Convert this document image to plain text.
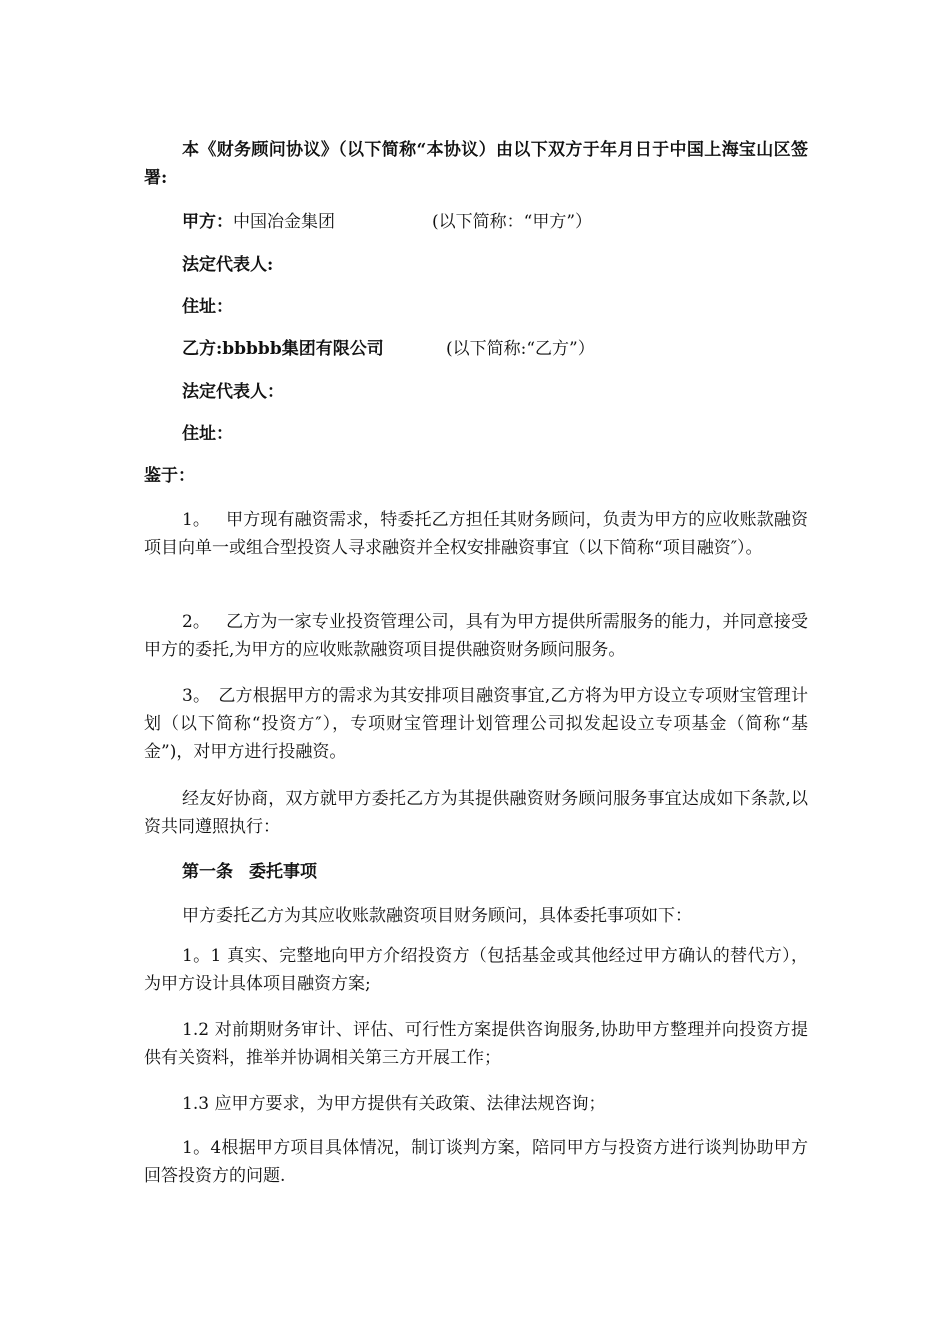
本《财务顾问协议》（以下简称“本协议）由以下双方于年月日于中国上海宝山区签署:

甲方：中国冶金集团	(以下简称：“甲方”）

法定代表人:

住址：

乙方:bbbbb集团有限公司	(以下简称:“乙方”）

法定代表人：

住址：

鉴于：

1。 甲方现有融资需求，特委托乙方担任其财务顾问，负责为甲方的应收账款融资 项目向单一或组合型投资人寻求融资并全权安排融资事宜（以下简称“项目融资″）。

2。 乙方为一家专业投资管理公司，具有为甲方提供所需服务的能力，并同意接受甲方的委托,为甲方的应收账款融资项目提供融资财务顾问服务。

3。 乙方根据甲方的需求为其安排项目融资事宜,乙方将为甲方设立专项财宝管理计划（以下简称“投资方″），专项财宝管理计划管理公司拟发起设立专项基金（简称“基金”)，对甲方进行投融资。

经友好协商，双方就甲方委托乙方为其提供融资财务顾问服务事宜达成如下条款,以资共同遵照执行：

第一条 委托事项

甲方委托乙方为其应收账款融资项目财务顾问，具体委托事项如下：

1。1 真实、完整地向甲方介绍投资方（包括基金或其他经过甲方确认的替代方），为甲方设计具体项目融资方案;

1.2 对前期财务审计、评估、可行性方案提供咨询服务,协助甲方整理并向投资方提供有关资料，推举并协调相关第三方开展工作；

1.3 应甲方要求，为甲方提供有关政策、法律法规咨询；

1。4根据甲方项目具体情况，制订谈判方案，陪同甲方与投资方进行谈判协助甲方回答投资方的问题.
